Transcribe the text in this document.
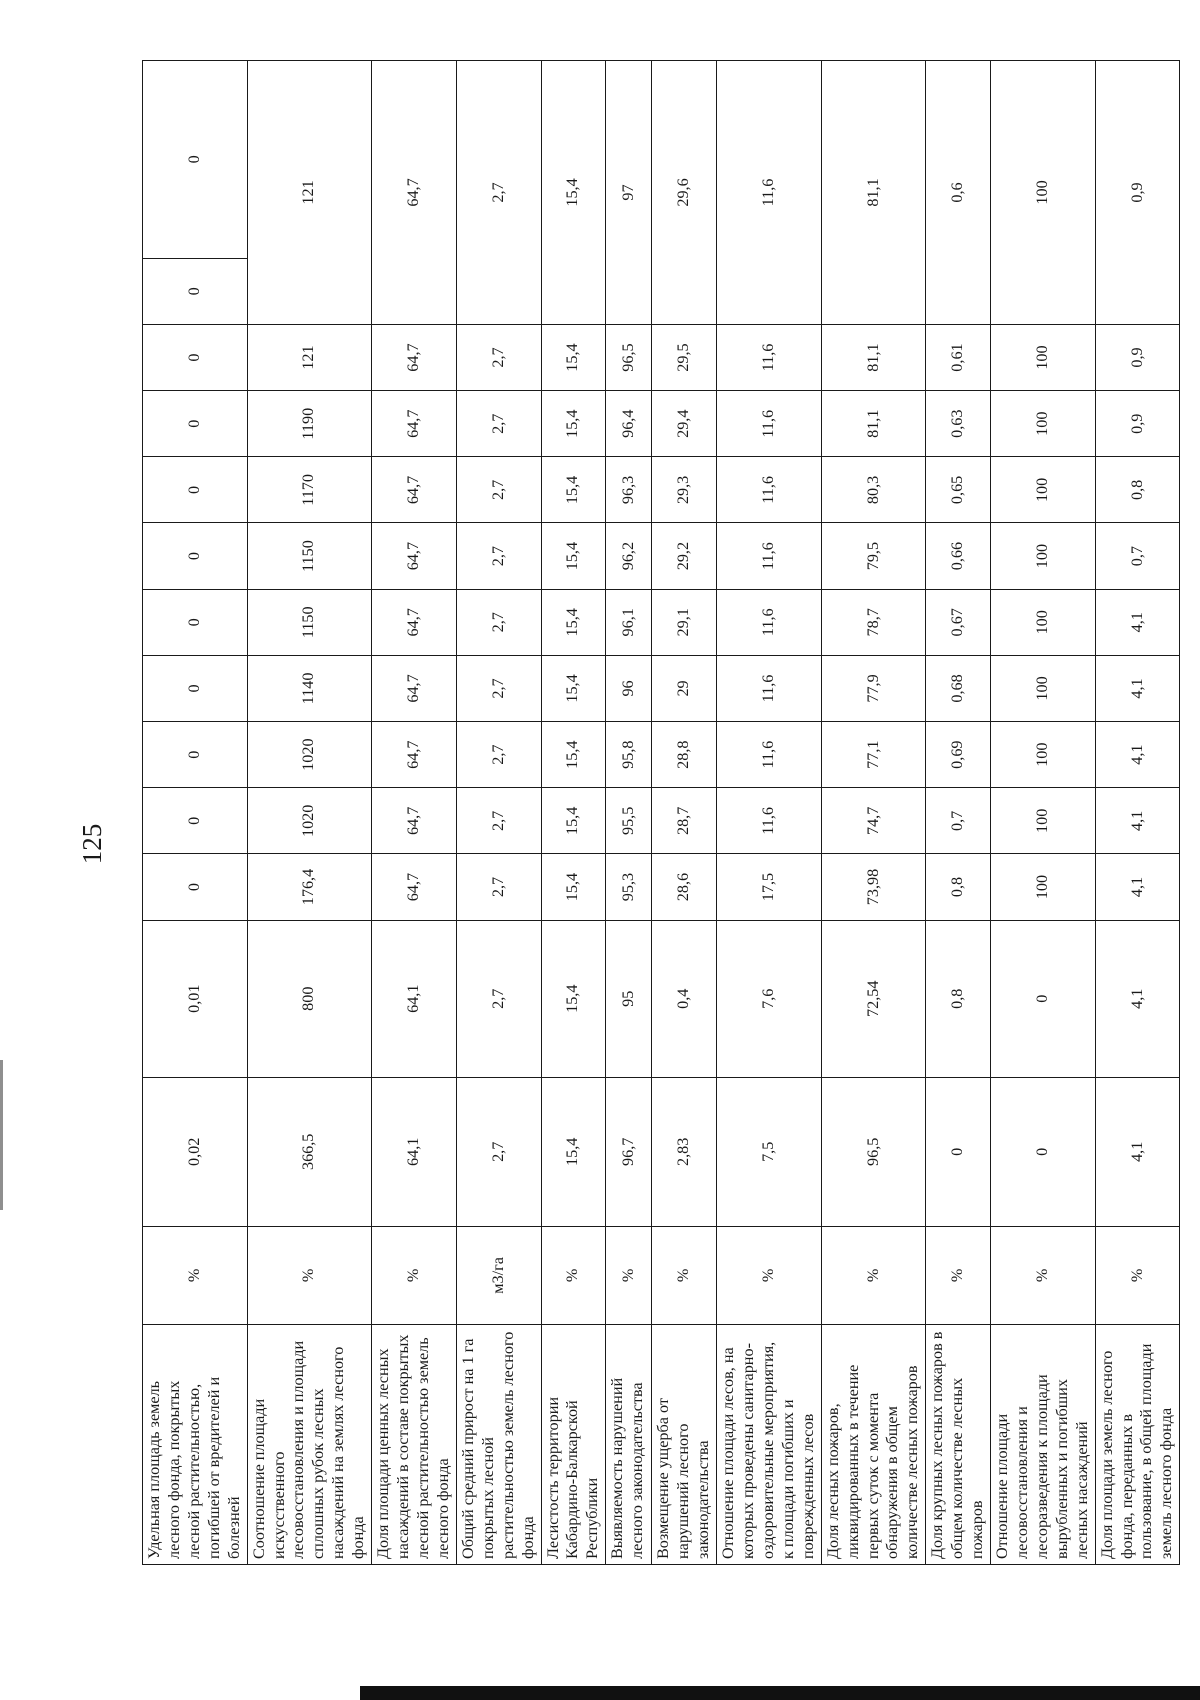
125
Удельная площадь земель лесного фонда, покрытых лесной растительностью, погибшей от вредителей и болезней	%	0,02	0,01	0	0	0	0	0	0	0	0	0	0	0
Соотношение площади искусственного лесовосстановления и площади сплошных рубок лесных насаждений на землях лесного фонда	%	366,5	800	176,4	1020	1020	1140	1150	1150	1170	1190	121	121	
Доля площади ценных лесных насаждений в составе покрытых лесной растительностью земель лесного фонда	%	64,1	64,1	64,7	64,7	64,7	64,7	64,7	64,7	64,7	64,7	64,7	64,7	
Общий средний прирост на 1 га покрытых лесной растительностью земель лесного фонда	м3/га	2,7	2,7	2,7	2,7	2,7	2,7	2,7	2,7	2,7	2,7	2,7	2,7	
Лесистость территории Кабардино-Балкарской Республики	%	15,4	15,4	15,4	15,4	15,4	15,4	15,4	15,4	15,4	15,4	15,4	15,4	
Выявляемость нарушений лесного законодательства	%	96,7	95	95,3	95,5	95,8	96	96,1	96,2	96,3	96,4	96,5	97	
Возмещение ущерба от нарушений лесного законодательства	%	2,83	0,4	28,6	28,7	28,8	29	29,1	29,2	29,3	29,4	29,5	29,6	
Отношение площади лесов, на которых проведены санитарно-оздоровительные мероприятия, к площади погибших и поврежденных лесов	%	7,5	7,6	17,5	11,6	11,6	11,6	11,6	11,6	11,6	11,6	11,6	11,6	
Доля лесных пожаров, ликвидированных в течение первых суток с момента обнаружения в общем количестве лесных пожаров	%	96,5	72,54	73,98	74,7	77,1	77,9	78,7	79,5	80,3	81,1	81,1	81,1	
Доля крупных лесных пожаров в общем количестве лесных пожаров	%	0	0,8	0,8	0,7	0,69	0,68	0,67	0,66	0,65	0,63	0,61	0,6	
Отношение площади лесовосстановления и лесоразведения к площади вырубленных и погибших лесных насаждений	%	0	0	100	100	100	100	100	100	100	100	100	100	
Доля площади земель лесного фонда, переданных в пользование, в общей площади земель лесного фонда	%	4,1	4,1	4,1	4,1	4,1	4,1	4,1	0,7	0,8	0,9	0,9	0,9	
